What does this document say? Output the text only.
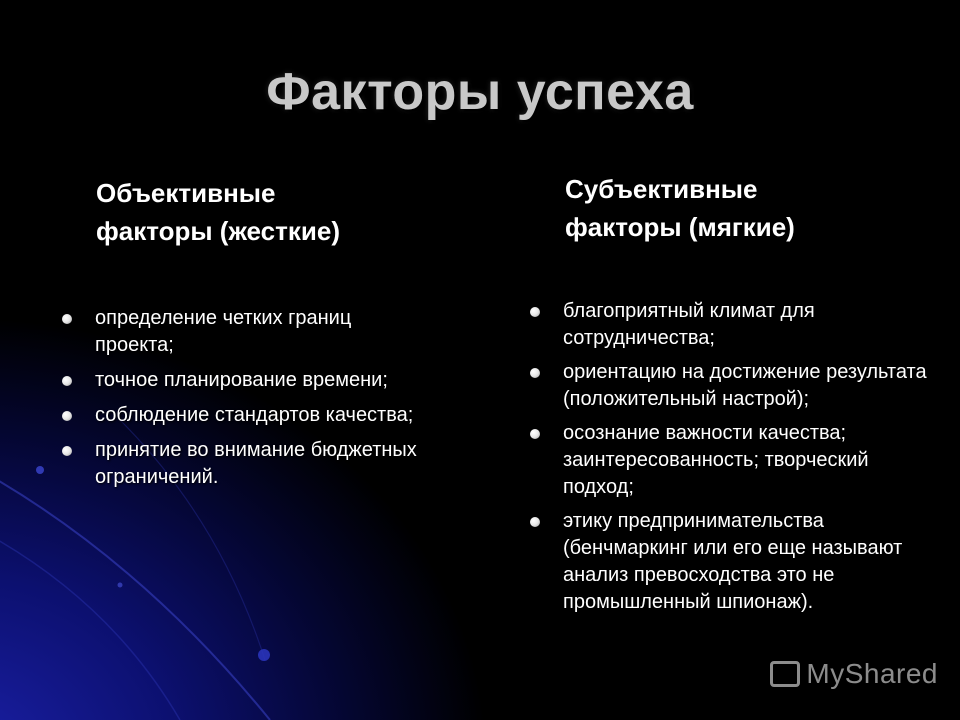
Факторы успеха
Объективные
факторы (жесткие)
Субъективные
факторы (мягкие)
определение четких границ проекта;
точное планирование времени;
соблюдение стандартов качества;
принятие во внимание бюджетных ограничений.
благоприятный климат для сотрудничества;
ориентацию на достижение результата (положительный настрой);
осознание важности качества; заинтересованность; творческий подход;
этику предпринимательства (бенчмаркинг или его еще называют анализ превосходства это не промышленный шпионаж).
MyShared
